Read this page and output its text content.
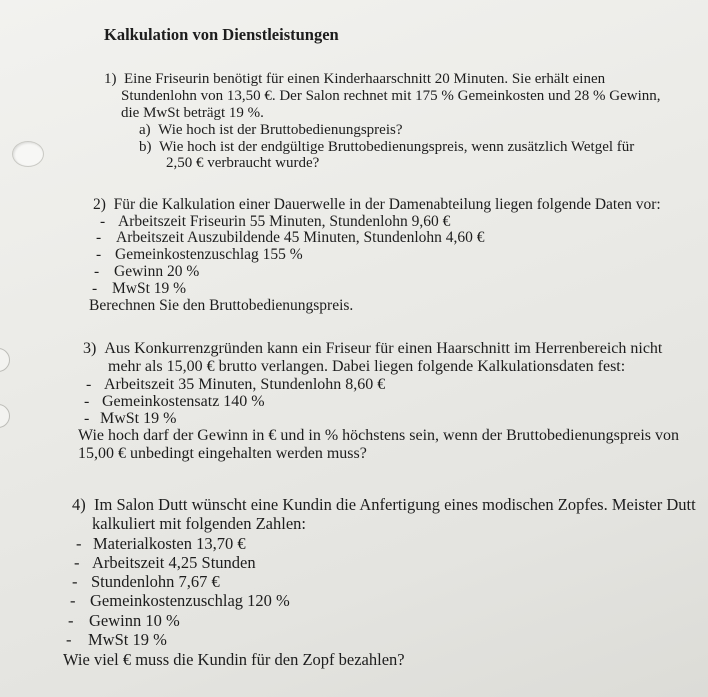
Kalkulation von Dienstleistungen
1)  Eine Friseurin benötigt für einen Kinderhaarschnitt 20 Minuten. Sie erhält einen
Stundenlohn von 13,50 €. Der Salon rechnet mit 175 % Gemeinkosten und 28 % Gewinn,
die MwSt beträgt 19 %.
a)  Wie hoch ist der Bruttobedienungspreis?
b)  Wie hoch ist der endgültige Bruttobedienungspreis, wenn zusätzlich Wetgel für
2,50 € verbraucht wurde?
2)  Für die Kalkulation einer Dauerwelle in der Damenabteilung liegen folgende Daten vor:
- Arbeitszeit Friseurin 55 Minuten, Stundenlohn 9,60 €
- Arbeitszeit Auszubildende 45 Minuten, Stundenlohn 4,60 €
- Gemeinkostenzuschlag 155 %
- Gewinn 20 %
- MwSt 19 %
Berechnen Sie den Bruttobedienungspreis.
3)  Aus Konkurrenzgründen kann ein Friseur für einen Haarschnitt im Herrenbereich nicht
mehr als 15,00 € brutto verlangen. Dabei liegen folgende Kalkulationsdaten fest:
- Arbeitszeit 35 Minuten, Stundenlohn 8,60 €
- Gemeinkostensatz 140 %
- MwSt 19 %
Wie hoch darf der Gewinn in € und in % höchstens sein, wenn der Bruttobedienungspreis von
15,00 € unbedingt eingehalten werden muss?
4)  Im Salon Dutt wünscht eine Kundin die Anfertigung eines modischen Zopfes. Meister Dutt
kalkuliert mit folgenden Zahlen:
- Materialkosten 13,70 €
- Arbeitszeit 4,25 Stunden
- Stundenlohn 7,67 €
- Gemeinkostenzuschlag 120 %
- Gewinn 10 %
- MwSt 19 %
Wie viel € muss die Kundin für den Zopf bezahlen?
